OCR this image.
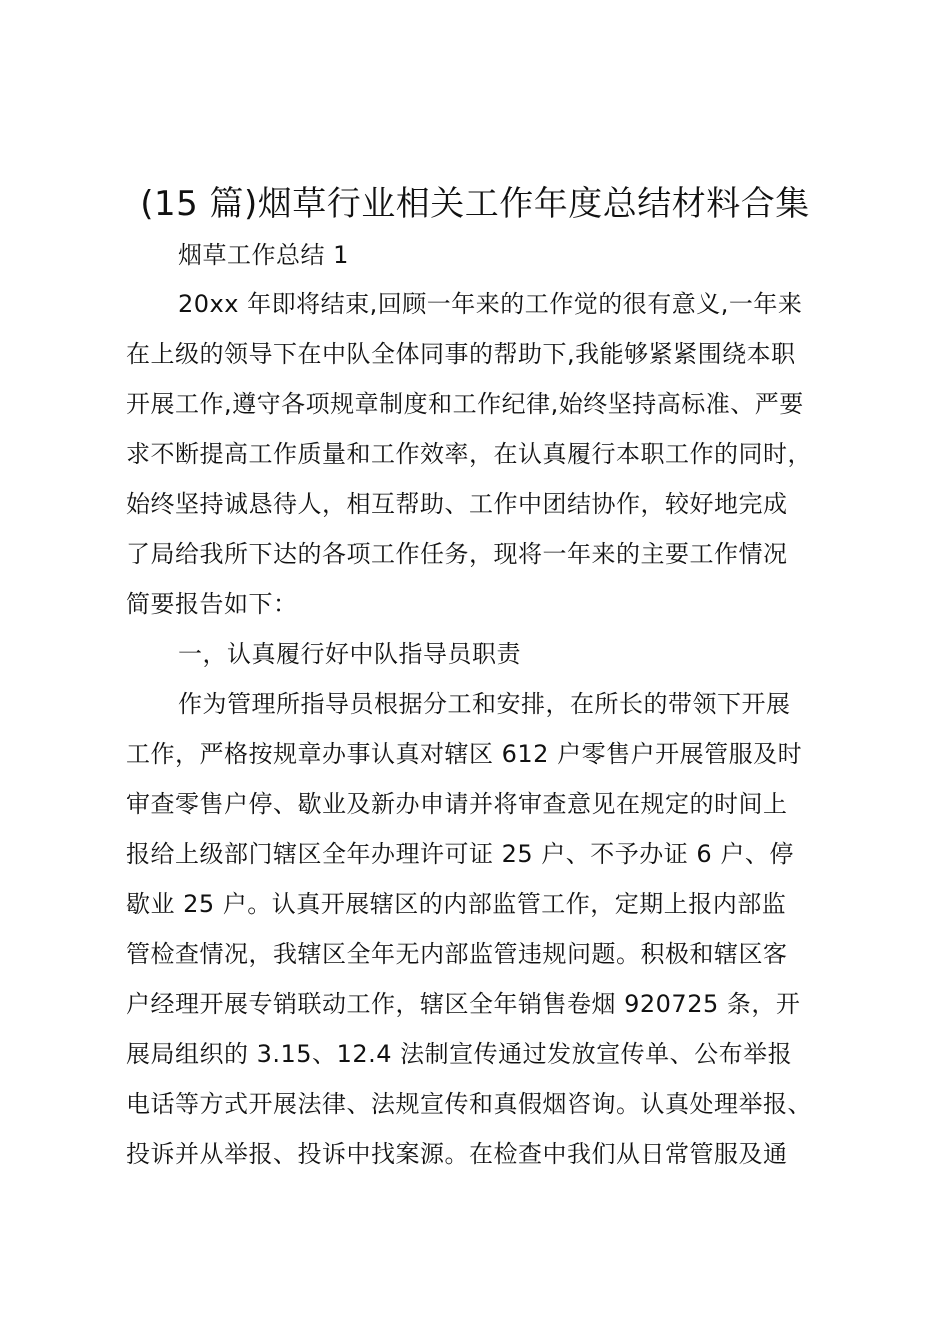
(15 篇)烟草行业相关工作年度总结材料合集
烟草工作总结 1
20xx 年即将结束,回顾一年来的工作觉的很有意义,一年来
在上级的领导下在中队全体同事的帮助下,我能够紧紧围绕本职
开展工作,遵守各项规章制度和工作纪律,始终坚持高标准、严要
求不断提高工作质量和工作效率，在认真履行本职工作的同时，
始终坚持诚恳待人，相互帮助、工作中团结协作，较好地完成
了局给我所下达的各项工作任务，现将一年来的主要工作情况
简要报告如下：
一，认真履行好中队指导员职责
作为管理所指导员根据分工和安排，在所长的带领下开展
工作，严格按规章办事认真对辖区 612 户零售户开展管服及时
审查零售户停、歇业及新办申请并将审查意见在规定的时间上
报给上级部门辖区全年办理许可证 25 户、不予办证 6 户、停
歇业 25 户。认真开展辖区的内部监管工作，定期上报内部监
管检查情况，我辖区全年无内部监管违规问题。积极和辖区客
户经理开展专销联动工作，辖区全年销售卷烟 920725 条，开
展局组织的 3.15、12.4 法制宣传通过发放宣传单、公布举报
电话等方式开展法律、法规宣传和真假烟咨询。认真处理举报、
投诉并从举报、投诉中找案源。在检查中我们从日常管服及通
